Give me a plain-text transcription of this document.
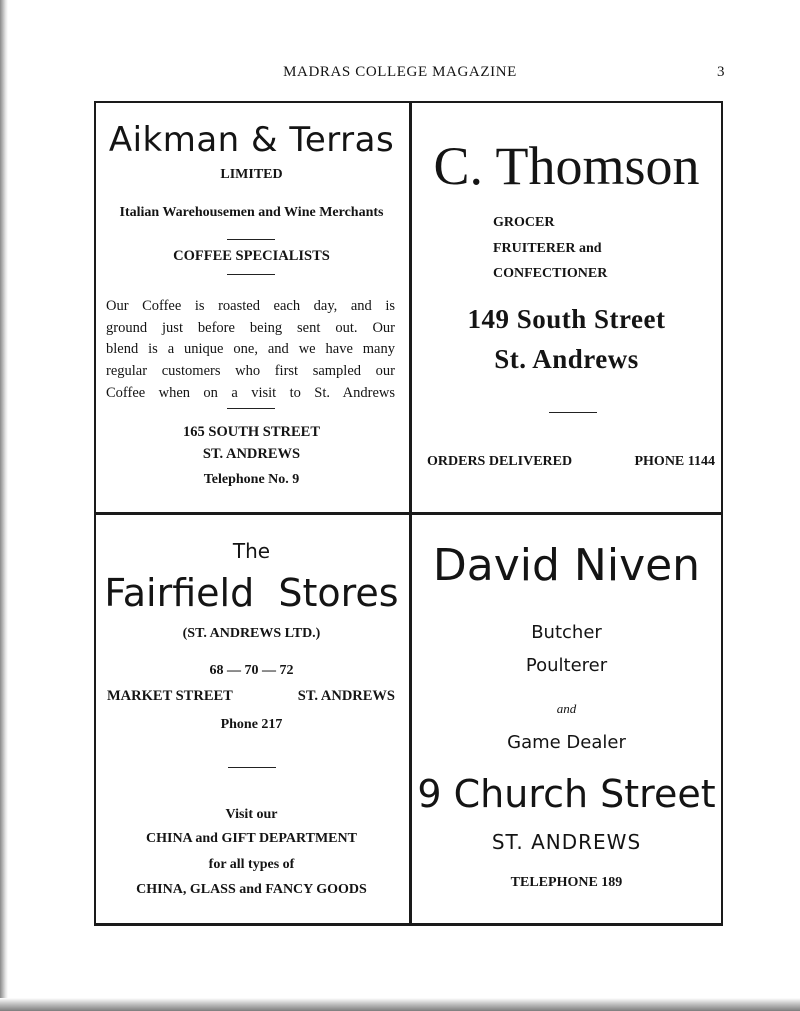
MADRAS COLLEGE MAGAZINE	3
Aikman & Terras
LIMITED
Italian Warehousemen and Wine Merchants
COFFEE SPECIALISTS
Our Coffee is roasted each day, and is
ground just before being sent out. Our
blend is a unique one, and we have many
regular customers who first sampled our
Coffee when on a visit to St. Andrews
165 SOUTH STREET
ST. ANDREWS
Telephone No. 9
C. Thomson
GROCER
FRUITERER and
CONFECTIONER
149 South Street
St. Andrews
ORDERS DELIVERED	PHONE 1144
The
Fairfield  Stores
(ST. ANDREWS LTD.)
68 — 70 — 72
MARKET STREET	ST. ANDREWS
Phone 217
Visit our
CHINA and GIFT DEPARTMENT
for all types of
CHINA, GLASS and FANCY GOODS
David Niven
Butcher
Poulterer
and
Game Dealer
9 Church Street
ST. ANDREWS
TELEPHONE 189
